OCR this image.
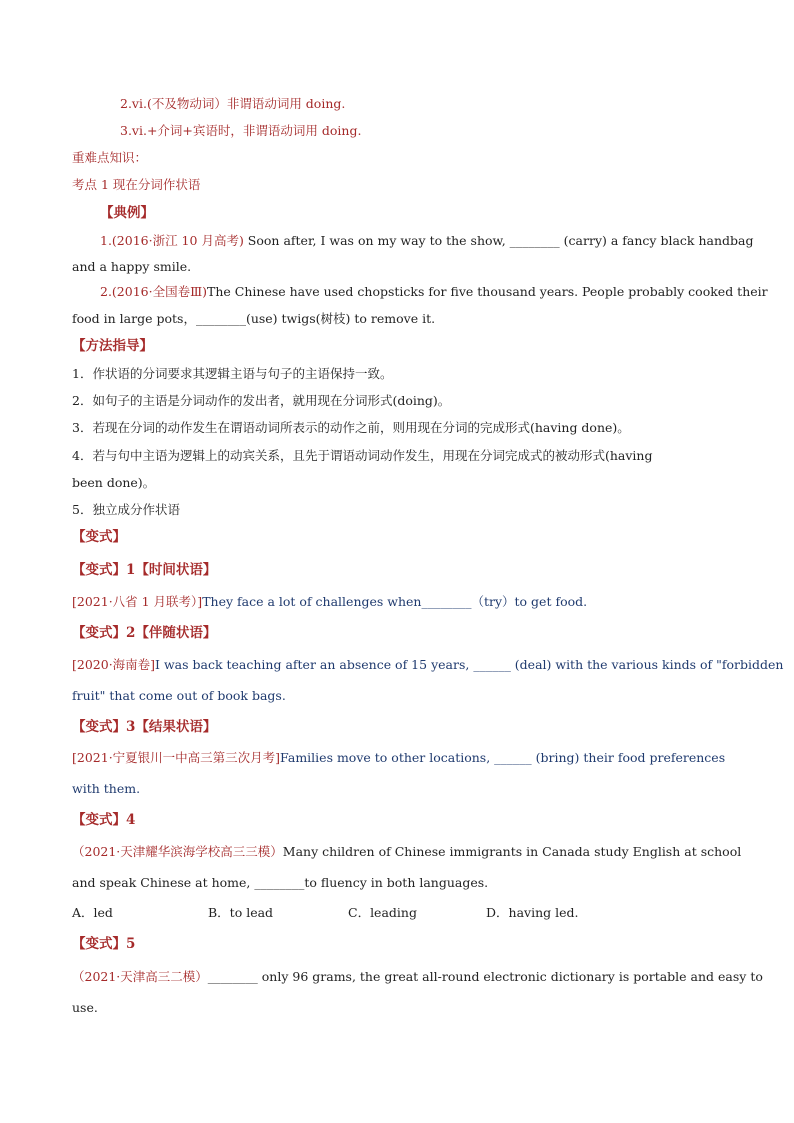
2.vi.(不及物动词）非谓语动词用 doing.
3.vi.+介词+宾语时，非谓语动词用 doing.
重难点知识：
考点 1 现在分词作状语
【典例】
1.(2016·浙江 10 月高考) Soon after, I was on my way to the show, ________ (carry) a fancy black handbag
and a happy smile.
2.(2016·全国卷Ⅲ)The Chinese have used chopsticks for five thousand years. People probably cooked their
food in large pots，________(use) twigs(树枝) to remove it.
【方法指导】
1．作状语的分词要求其逻辑主语与句子的主语保持一致。
2．如句子的主语是分词动作的发出者，就用现在分词形式(doing)。
3．若现在分词的动作发生在谓语动词所表示的动作之前，则用现在分词的完成形式(having done)。
4．若与句中主语为逻辑上的动宾关系，且先于谓语动词动作发生，用现在分词完成式的被动形式(having
been done)。
5．独立成分作状语
【变式】
【变式】1【时间状语】
[2021·八省 1 月联考）]They face a lot of challenges when________（try）to get food.
【变式】2【伴随状语】
[2020·海南卷]I was back teaching after an absence of 15 years, ______ (deal) with the various kinds of "forbidden
fruit" that come out of book bags.
【变式】3【结果状语】
[2021·宁夏银川一中高三第三次月考]Families move to other locations, ______ (bring) their food preferences
with them.
【变式】4
（2021·天津耀华滨海学校高三三模）Many children of Chinese immigrants in Canada study English at school
and speak Chinese at home, ________to fluency in both languages.
A．led	B．to lead	C．leading	D．having led.
【变式】5
（2021·天津高三二模）________ only 96 grams, the great all-round electronic dictionary is portable and easy to
use.
